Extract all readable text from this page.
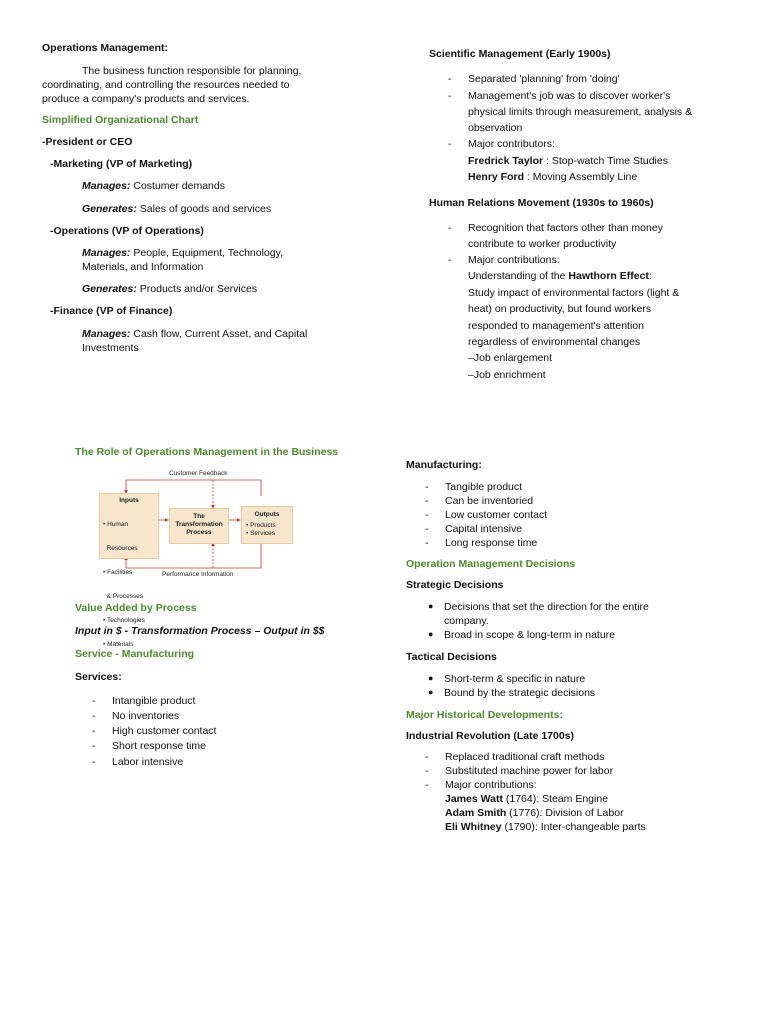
Operations Management:
The business function responsible for planning,
coordinating, and controlling the resources needed to
produce a company's products and services.
Simplified Organizational Chart
-President or CEO
-Marketing (VP of Marketing)
Manages: Costumer demands
Generates: Sales of goods and services
-Operations (VP of Operations)
Manages: People, Equipment, Technology,
Materials, and Information
Generates: Products and/or Services
-Finance (VP of Finance)
Manages: Cash flow, Current Asset, and Capital
Investments
Scientific Management (Early 1900s)
- Separated 'planning' from 'doing'
- Management's job was to discover worker's
physical limits through measurement, analysis &
observation
- Major contributors:
Fredrick Taylor : Stop-watch Time Studies
Henry Ford : Moving Assembly Line
Human Relations Movement (1930s to 1960s)
- Recognition that factors other than money
contribute to worker productivity
- Major contributions:
Understanding of the Hawthorn Effect:
Study impact of environmental factors (light &
heat) on productivity, but found workers
responded to management's attention
regardless of environmental changes
–Job enlargement
–Job enrichment
The Role of Operations Management in the Business
Customer Feedback
Performance Information
Inputs

• Human

Resources

• Facilities

& Processes

• Technologies

• Materials

The
Transformation
Process
Outputs
• Products
• Services
Value Added by Process
Input in $ - Transformation Process – Output in $$
Service - Manufacturing
Services:
- Intangible product
- No inventories
- High customer contact
- Short response time
- Labor intensive
Manufacturing:
- Tangible product
- Can be inventoried
- Low customer contact
- Capital intensive
- Long response time
Operation Management Decisions
Strategic Decisions
● Decisions that set the direction for the entire
company.
● Broad in scope & long-term in nature
Tactical Decisions
● Short-term & specific in nature
● Bound by the strategic decisions
Major Historical Developments:
Industrial Revolution (Late 1700s)
- Replaced traditional craft methods
- Substituted machine power for labor
- Major contributions:
James Watt (1764): Steam Engine
Adam Smith (1776): Division of Labor
Eli Whitney (1790): Inter-changeable parts
